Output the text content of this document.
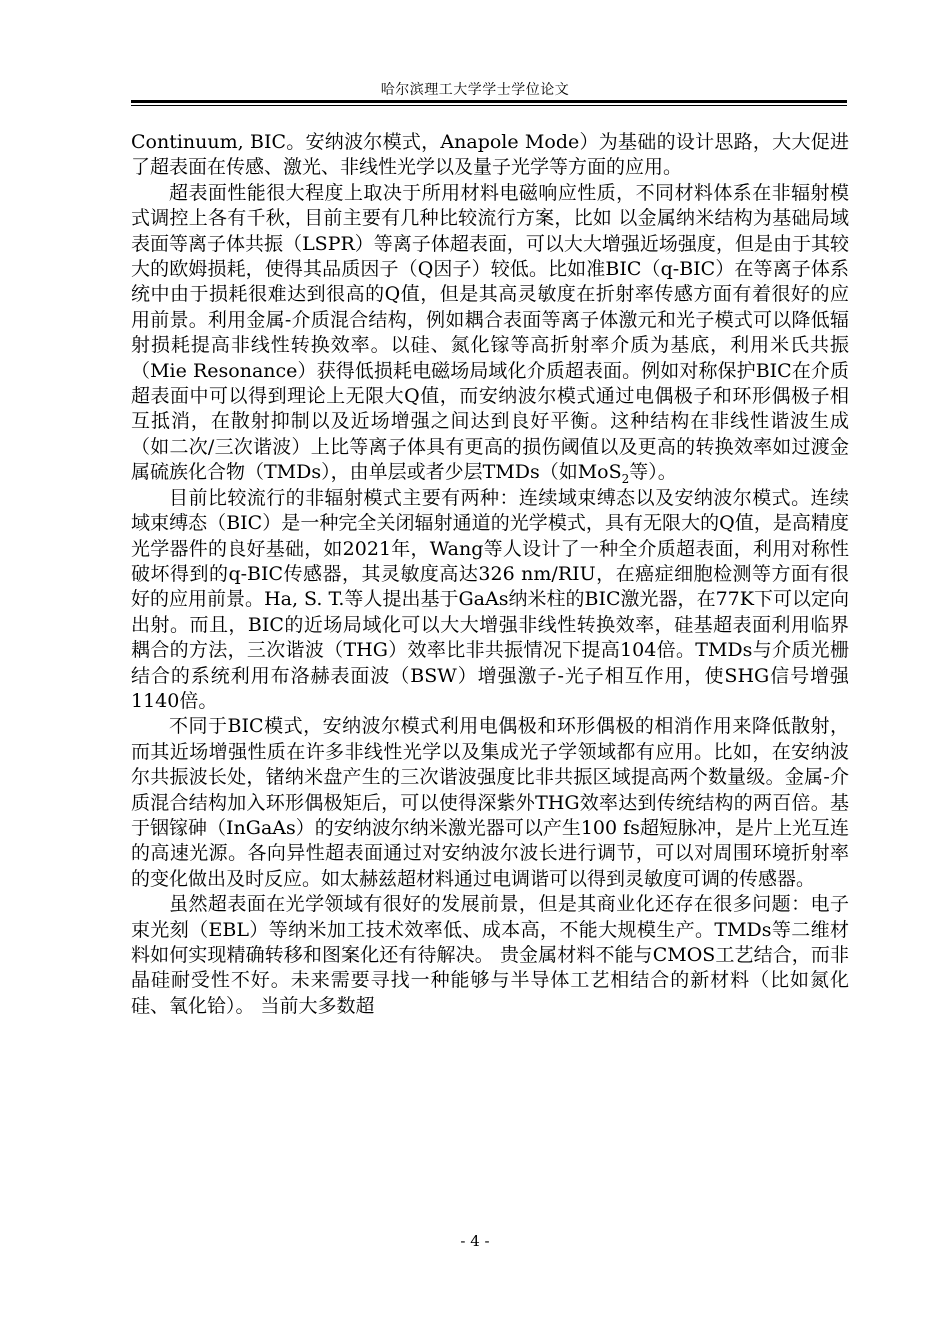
哈尔滨理工大学学士学位论文

Continuum, BIC。安纳波尔模式，Anapole Mode）为基础的设计思路，大大促进了超表面在传感、激光、非线性光学以及量子光学等方面的应用。

超表面性能很大程度上取决于所用材料电磁响应性质，不同材料体系在非辐射模式调控上各有千秋，目前主要有几种比较流行方案，比如 以金属纳米结构为基础局域表面等离子体共振（LSPR）等离子体超表面，可以大大增强近场强度，但是由于其较大的欧姆损耗，使得其品质因子（Q因子）较低。比如准BIC（q-BIC）在等离子体系统中由于损耗很难达到很高的Q值，但是其高灵敏度在折射率传感方面有着很好的应用前景。利用金属-介质混合结构，例如耦合表面等离子体激元和光子模式可以降低辐射损耗提高非线性转换效率。以硅、氮化镓等高折射率介质为基底，利用米氏共振（Mie Resonance）获得低损耗电磁场局域化介质超表面。例如对称保护BIC在介质超表面中可以得到理论上无限大Q值，而安纳波尔模式通过电偶极子和环形偶极子相互抵消，在散射抑制以及近场增强之间达到良好平衡。这种结构在非线性谐波生成（如二次/三次谐波）上比等离子体具有更高的损伤阈值以及更高的转换效率如过渡金属硫族化合物（TMDs），由单层或者少层TMDs（如MoS$_2$等）。

目前比较流行的非辐射模式主要有两种：连续域束缚态以及安纳波尔模式。连续域束缚态（BIC）是一种完全关闭辐射通道的光学模式，具有无限大的Q值，是高精度光学器件的良好基础，如2021年，Wang等人设计了一种全介质超表面，利用对称性破坏得到的q-BIC传感器，其灵敏度高达326 nm/RIU，在癌症细胞检测等方面有很好的应用前景。Ha, S. T.等人提出基于GaAs纳米柱的BIC激光器，在77K下可以定向出射。而且，BIC的近场局域化可以大大增强非线性转换效率，硅基超表面利用临界耦合的方法，三次谐波（THG）效率比非共振情况下提高104倍。TMDs与介质光栅结合的系统利用布洛赫表面波（BSW）增强激子-光子相互作用，使SHG信号增强1140倍。

不同于BIC模式，安纳波尔模式利用电偶极和环形偶极的相消作用来降低散射，而其近场增强性质在许多非线性光学以及集成光子学领域都有应用。比如，在安纳波尔共振波长处，锗纳米盘产生的三次谐波强度比非共振区域提高两个数量级。金属-介质混合结构加入环形偶极矩后，可以使得深紫外THG效率达到传统结构的两百倍。基于铟镓砷（InGaAs）的安纳波尔纳米激光器可以产生100 fs超短脉冲，是片上光互连的高速光源。各向异性超表面通过对安纳波尔波长进行调节，可以对周围环境折射率的变化做出及时反应。如太赫兹超材料通过电调谐可以得到灵敏度可调的传感器。

虽然超表面在光学领域有很好的发展前景，但是其商业化还存在很多问题：电子束光刻（EBL）等纳米加工技术效率低、成本高，不能大规模生产。TMDs等二维材料如何实现精确转移和图案化还有待解决。 贵金属材料不能与CMOS工艺结合，而非晶硅耐受性不好。未来需要寻找一种能够与半导体工艺相结合的新材料（比如氮化硅、氧化铪）。 当前大多数超

- 4 -
